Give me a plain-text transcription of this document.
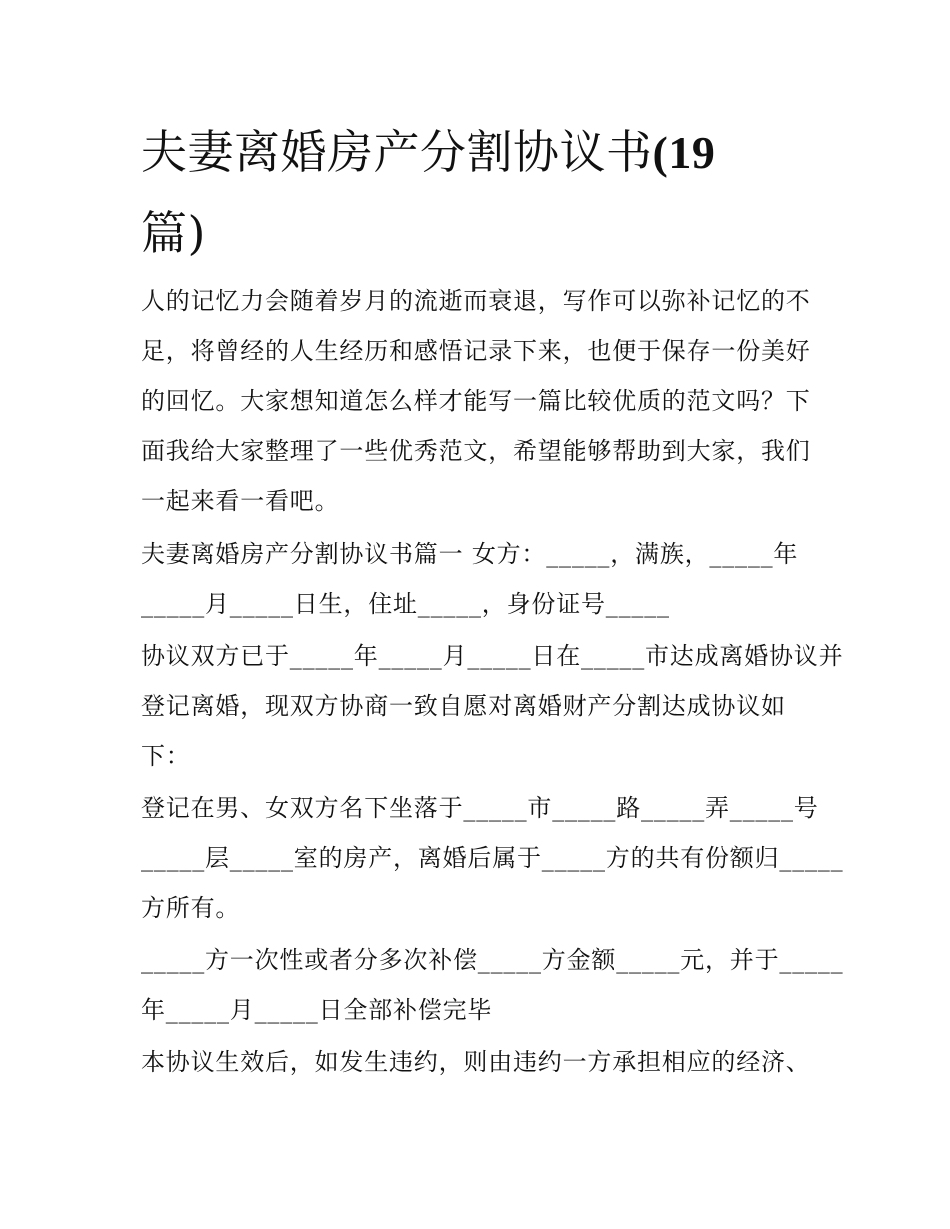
夫妻离婚房产分割协议书(19
篇)

人的记忆力会随着岁月的流逝而衰退，写作可以弥补记忆的不

足，将曾经的人生经历和感悟记录下来，也便于保存一份美好

的回忆。大家想知道怎么样才能写一篇比较优质的范文吗？下

面我给大家整理了一些优秀范文，希望能够帮助到大家，我们

一起来看一看吧。

夫妻离婚房产分割协议书篇一 女方：_____，满族，_____年

_____月_____日生，住址_____，身份证号_____

协议双方已于_____年_____月_____日在_____市达成离婚协议并

登记离婚，现双方协商一致自愿对离婚财产分割达成协议如

下：

登记在男、女双方名下坐落于_____市_____路_____弄_____号

_____层_____室的房产，离婚后属于_____方的共有份额归_____

方所有。

_____方一次性或者分多次补偿_____方金额_____元，并于_____

年_____月_____日全部补偿完毕

本协议生效后，如发生违约，则由违约一方承担相应的经济、
